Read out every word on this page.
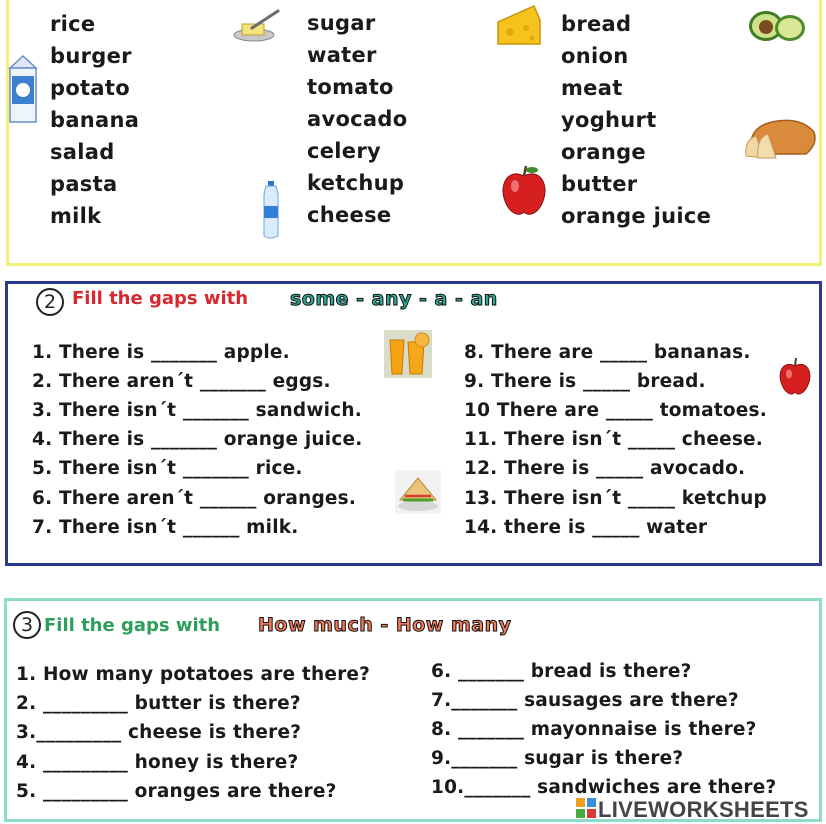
rice
burger
potato
banana
salad
pasta
milk
sugar
water
tomato
avocado
celery
ketchup
cheese
bread
onion
meat
yoghurt
orange
butter
orange juice
2 Fill the gaps with some - any - a - an
1. There is _______ apple.
2. There aren´t _______ eggs.
3. There isn´t _______ sandwich.
4. There is _______ orange juice.
5. There isn´t _______ rice.
6. There aren´t ______ oranges.
7. There isn´t ______ milk.
8. There are _____ bananas.
9. There is _____ bread.
10 There are _____ tomatoes.
11. There isn´t _____ cheese.
12. There is _____ avocado.
13. There isn´t _____ ketchup
14. there is _____ water
3 Fill the gaps with How much - How many
1. How many potatoes are there?
2. _________ butter is there?
3._________ cheese is there?
4. _________ honey is there?
5. _________ oranges are there?
6. _______ bread is there?
7._______ sausages are there?
8. _______ mayonnaise is there?
9._______ sugar is there?
10._______ sandwiches are there?
LIVEWORKSHEETS
